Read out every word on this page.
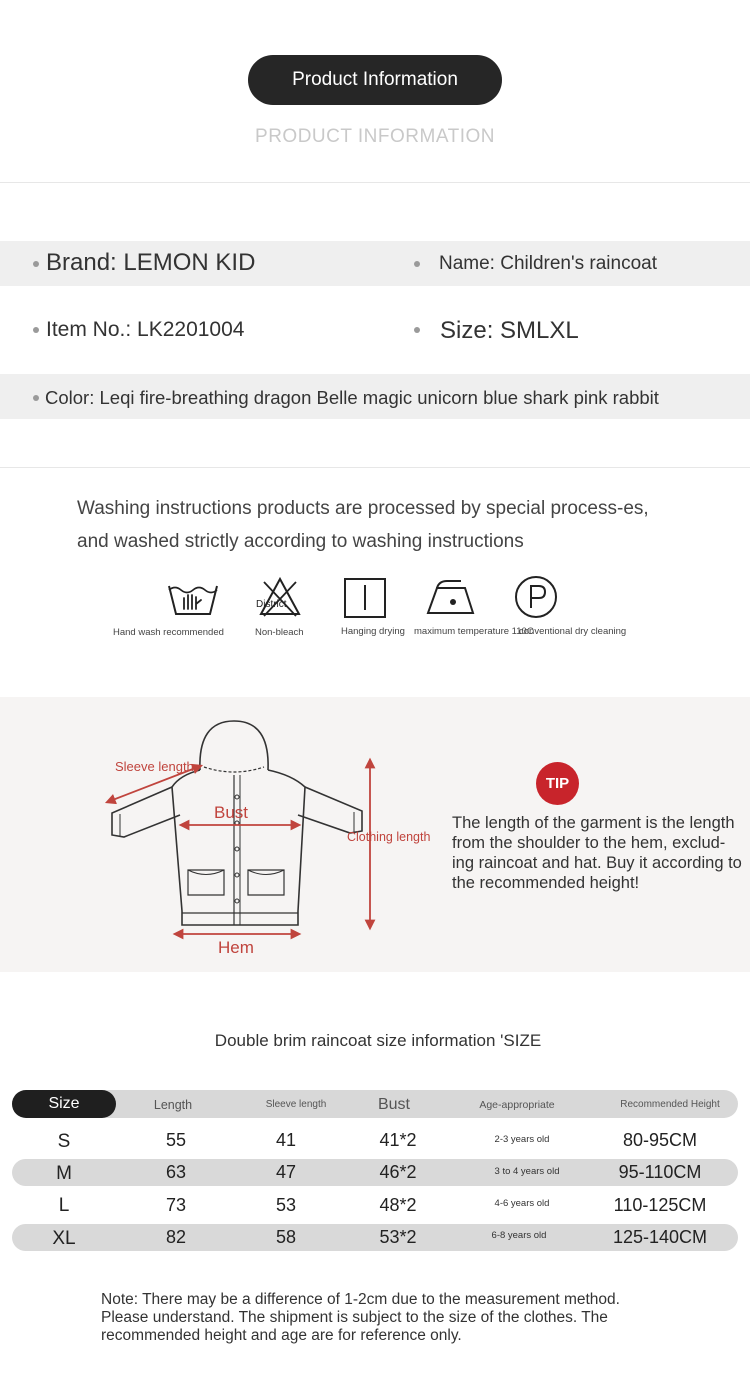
Product Information
PRODUCT INFORMATION
Brand: LEMON KID	Name: Children's raincoat
Item No.: LK2201004	Size: SMLXL
Color: Leqi fire-breathing dragon Belle magic unicorn blue shark pink rabbit
Washing instructions products are processed by special process-es, and washed strictly according to washing instructions
District
Hand wash recommended	Non-bleach	Hanging drying maximum temperature 110C
conventional dry cleaning
Sleeve length
Bust
Clothing length
Hem
TIP
The length of the garment is the length from the shoulder to the hem, exclud-ing raincoat and hat. Buy it according to the recommended height!
Double brim raincoat size information 'SIZE
Size	Length	Sleeve length	Bust	Age-appropriate	Recommended Height
S	55	41	41*2	2-3 years old	80-95CM
M	63	47	46*2	3 to 4 years old	95-110CM
L	73	53	48*2	4-6 years old	110-125CM
XL	82	58	53*2	6-8 years old	125-140CM
Note: There may be a difference of 1-2cm due to the measurement method. Please understand. The shipment is subject to the size of the clothes. The recommended height and age are for reference only.
